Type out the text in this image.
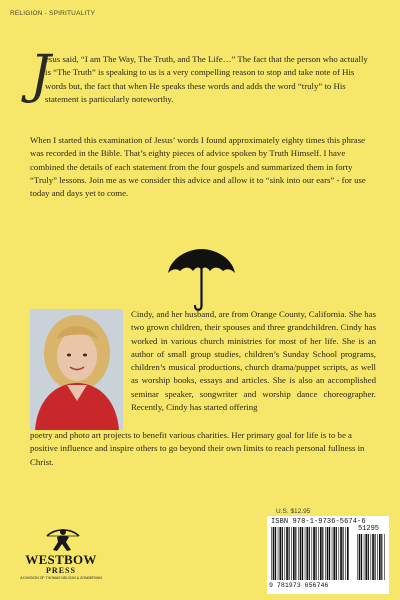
RELIGION - SPIRITUALITY
J
esus said, “I am The Way, The Truth, and The Life…” The fact that the person who actually is “The Truth” is speaking to us is a very compelling reason to stop and take note of His words but, the fact that when He speaks these words and adds the word “truly” to His statement is particularly noteworthy.
When I started this examination of Jesus’ words I found approximately eighty times this phrase was recorded in the Bible. That’s eighty pieces of advice spoken by Truth Himself. I have combined the details of each statement from the four gospels and summarized them in forty “Truly” lessons. Join me as we consider this advice and allow it to “sink into our ears” - for use today and days yet to come.
Cindy, and her husband, are from Orange County, California. She has two grown children, their spouses and three grandchildren. Cindy has worked in various church ministries for most of her life. She is an author of small group studies, children’s Sunday School programs, children’s musical productions, church drama/puppet scripts, as well as worship books, essays and articles. She is also an accomplished seminar speaker, songwriter and worship dance choreographer. Recently, Cindy has started offering
poetry and photo art projects to benefit various charities. Her primary goal for life is to be a positive influence and inspire others to go beyond their own limits to reach personal fullness in Christ.
WESTBOW
PRESS
A DIVISION OF THOMAS NELSON & ZONDERVAN
U.S. $12.95
ISBN 978-1-9736-5674-6
51295
9 781973 656746
